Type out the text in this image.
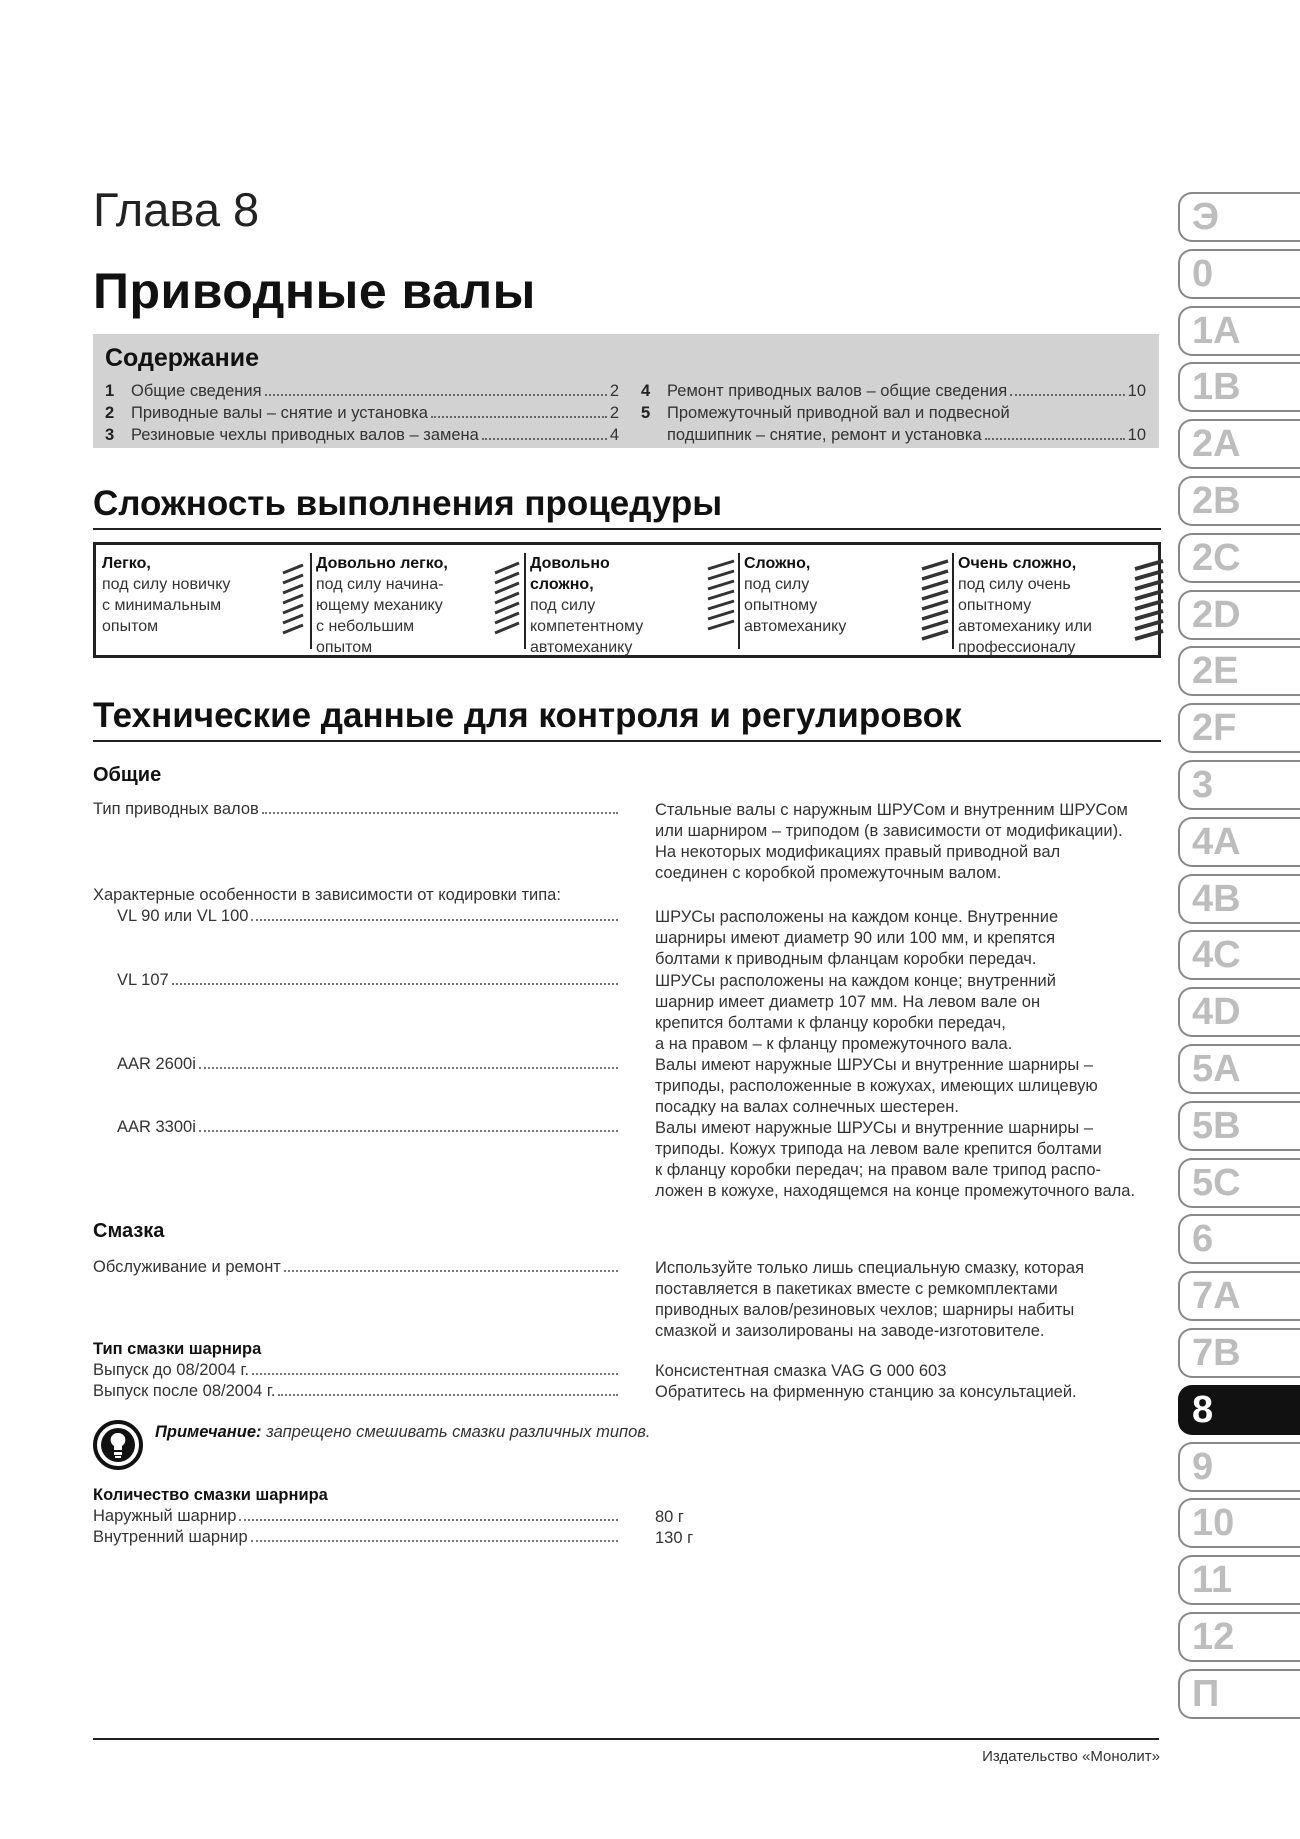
Глава 8
Приводные валы
Содержание
1	Общие сведения	2
2	Приводные валы – снятие и установка	2
3	Резиновые чехлы приводных валов – замена	4
4	Ремонт приводных валов – общие сведения	10
5	Промежуточный приводной вал и подвесной
подшипник – снятие, ремонт и установка	10
Сложность выполнения процедуры
Легко,
под силу новичку
с минимальным
опытом
Довольно легко,
под силу начина-
ющему механику
с небольшим
опытом
Довольно сложно,
под силу
компетентному
автомеханику
Сложно,
под силу
опытному
автомеханику
Очень сложно,
под силу очень
опытному
автомеханику или
профессионалу
Технические данные для контроля и регулировок
Общие
Тип приводных валов	Стальные валы с наружным ШРУСом и внутренним ШРУСом
или шарниром – триподом (в зависимости от модификации).
На некоторых модификациях правый приводной вал
соединен с коробкой промежуточным валом.
Характерные особенности в зависимости от кодировки типа:
VL 90 или VL 100	ШРУСы расположены на каждом конце. Внутренние
шарниры имеют диаметр 90 или 100 мм, и крепятся
болтами к приводным фланцам коробки передач.
VL 107	ШРУСы расположены на каждом конце; внутренний
шарнир имеет диаметр 107 мм. На левом вале он
крепится болтами к фланцу коробки передач,
а на правом – к фланцу промежуточного вала.
AAR 2600i	Валы имеют наружные ШРУСы и внутренние шарниры –
триподы, расположенные в кожухах, имеющих шлицевую
посадку на валах солнечных шестерен.
AAR 3300i	Валы имеют наружные ШРУСы и внутренние шарниры –
триподы. Кожух трипода на левом вале крепится болтами
к фланцу коробки передач; на правом вале трипод распо-
ложен в кожухе, находящемся на конце промежуточного вала.
Смазка
Обслуживание и ремонт	Используйте только лишь специальную смазку, которая
поставляется в пакетиках вместе с ремкомплектами
приводных валов/резиновых чехлов; шарниры набиты
смазкой и заизолированы на заводе-изготовителе.
Тип смазки шарнира
Выпуск до 08/2004 г.	Консистентная смазка VAG G 000 603
Выпуск после 08/2004 г.	Обратитесь на фирменную станцию за консультацией.
Примечание: запрещено смешивать смазки различных типов.
Количество смазки шарнира
Наружный шарнир	80 г
Внутренний шарнир	130 г
Э
0
1A
1B
2A
2B
2C
2D
2E
2F
3
4A
4B
4C
4D
5A
5B
5C
6
7A
7B
8
9
10
11
12
П
Издательство «Монолит»
